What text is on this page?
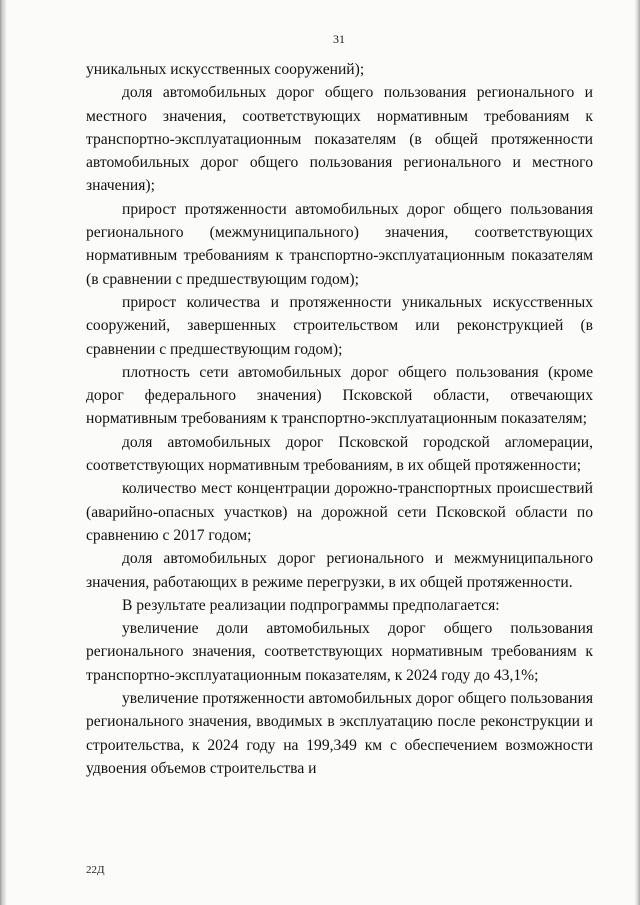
31

уникальных искусственных сооружений);

доля автомобильных дорог общего пользования регионального и местного значения, соответствующих нормативным требованиям к транспортно-эксплуатационным показателям (в общей протяженности автомобильных дорог общего пользования регионального и местного значения);

прирост протяженности автомобильных дорог общего пользования регионального (межмуниципального) значения, соответствующих нормативным требованиям к транспортно-эксплуатационным показателям (в сравнении с предшествующим годом);

прирост количества и протяженности уникальных искусственных сооружений, завершенных строительством или реконструкцией (в сравнении с предшествующим годом);

плотность сети автомобильных дорог общего пользования (кроме дорог федерального значения) Псковской области, отвечающих нормативным требованиям к транспортно-эксплуатационным показателям;

доля автомобильных дорог Псковской городской агломерации, соответствующих нормативным требованиям, в их общей протяженности;

количество мест концентрации дорожно-транспортных происшествий (аварийно-опасных участков) на дорожной сети Псковской области по сравнению с 2017 годом;

доля автомобильных дорог регионального и межмуниципального значения, работающих в режиме перегрузки, в их общей протяженности.

В результате реализации подпрограммы предполагается:

увеличение доли автомобильных дорог общего пользования регионального значения, соответствующих нормативным требованиям к транспортно-эксплуатационным показателям, к 2024 году до 43,1%;

увеличение протяженности автомобильных дорог общего пользования регионального значения, вводимых в эксплуатацию после реконструкции и строительства, к 2024 году на 199,349 км с обеспечением возможности удвоения объемов строительства и

22Д
